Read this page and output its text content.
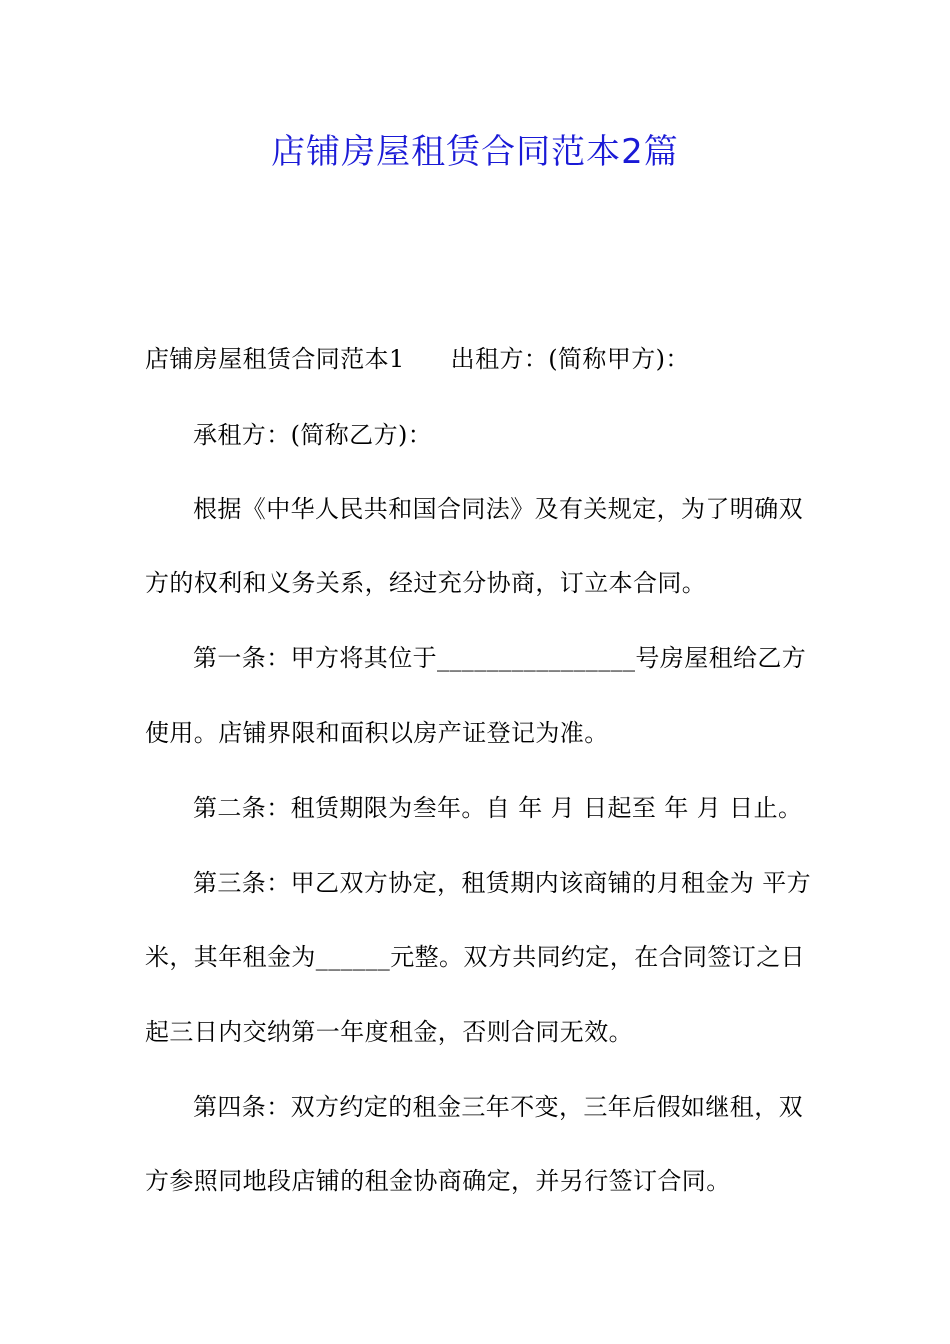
店铺房屋租赁合同范本2篇
店铺房屋租赁合同范本1 出租方：(简称甲方)：
承租方：(简称乙方)：
根据《中华人民共和国合同法》及有关规定，为了明确双
方的权利和义务关系，经过充分协商，订立本合同。
第一条：甲方将其位于________________号房屋租给乙方
使用。店铺界限和面积以房产证登记为准。
第二条：租赁期限为叁年。自 年 月 日起至 年 月 日止。
第三条：甲乙双方协定，租赁期内该商铺的月租金为 平方
米，其年租金为______元整。双方共同约定，在合同签订之日
起三日内交纳第一年度租金，否则合同无效。
第四条：双方约定的租金三年不变，三年后假如继租，双
方参照同地段店铺的租金协商确定，并另行签订合同。
